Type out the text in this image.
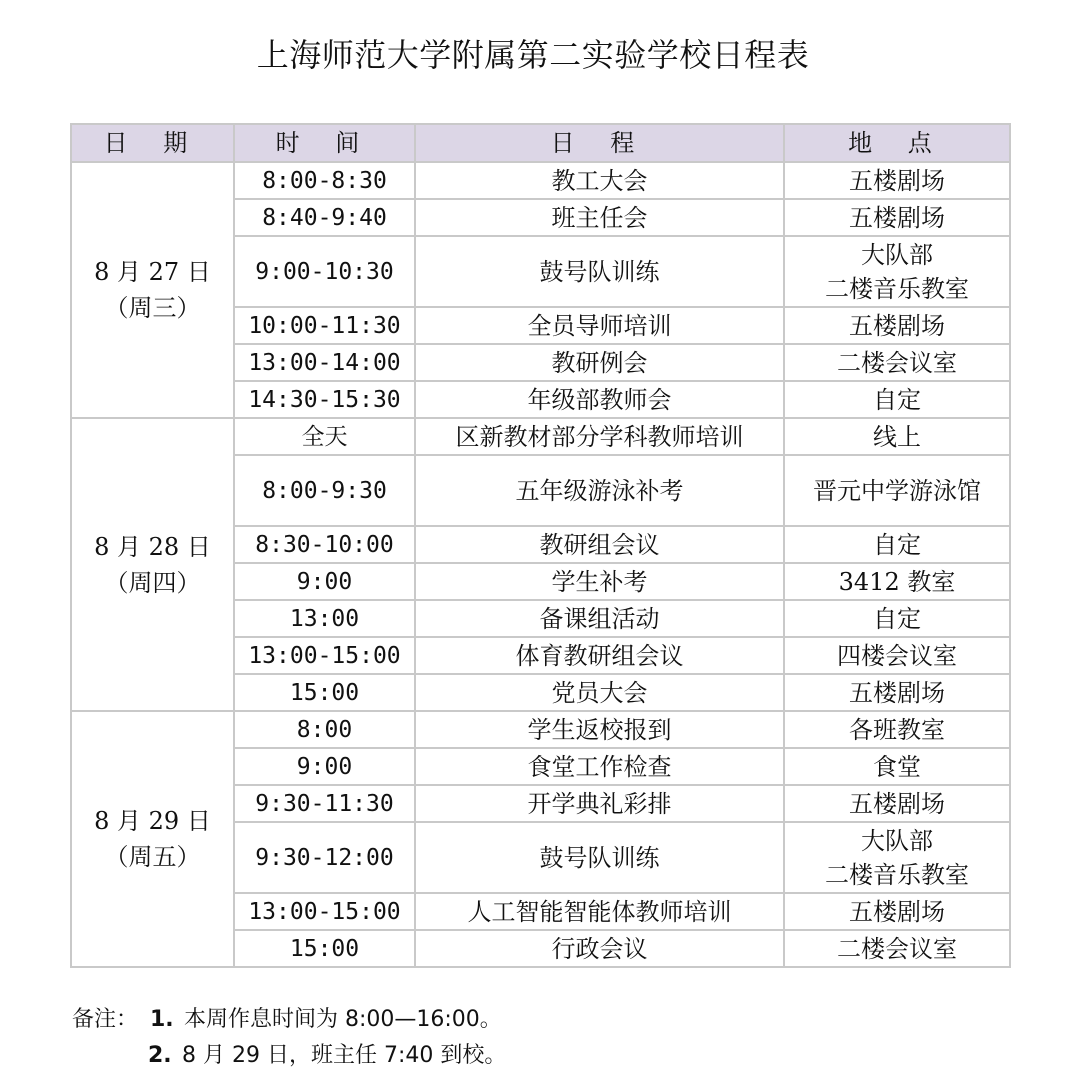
上海师范大学附属第二实验学校日程表
日 期	时 间	日 程	地 点

8 月 27 日
（周三）	8:00-8:30	教工大会	五楼剧场

	8:40-9:40	班主任会	五楼剧场

	9:00-10:30	鼓号队训练	大队部
二楼音乐教室

	10:00-11:30	全员导师培训	五楼剧场

	13:00-14:00	教研例会	二楼会议室

	14:30-15:30	年级部教师会	自定

8 月 28 日
（周四）	全天	区新教材部分学科教师培训	线上

	8:00-9:30	五年级游泳补考	晋元中学游泳馆

	8:30-10:00	教研组会议	自定

	9:00	学生补考	3412 教室

	13:00	备课组活动	自定

	13:00-15:00	体育教研组会议	四楼会议室

	15:00	党员大会	五楼剧场

8 月 29 日
（周五）	8:00	学生返校报到	各班教室

	9:00	食堂工作检查	食堂

	9:30-11:30	开学典礼彩排	五楼剧场

	9:30-12:00	鼓号队训练	大队部
二楼音乐教室

	13:00-15:00	人工智能智能体教师培训	五楼剧场

	15:00	行政会议	二楼会议室
备注： 1. 本周作息时间为 8:00—16:00。
2. 8 月 29 日，班主任 7:40 到校。
